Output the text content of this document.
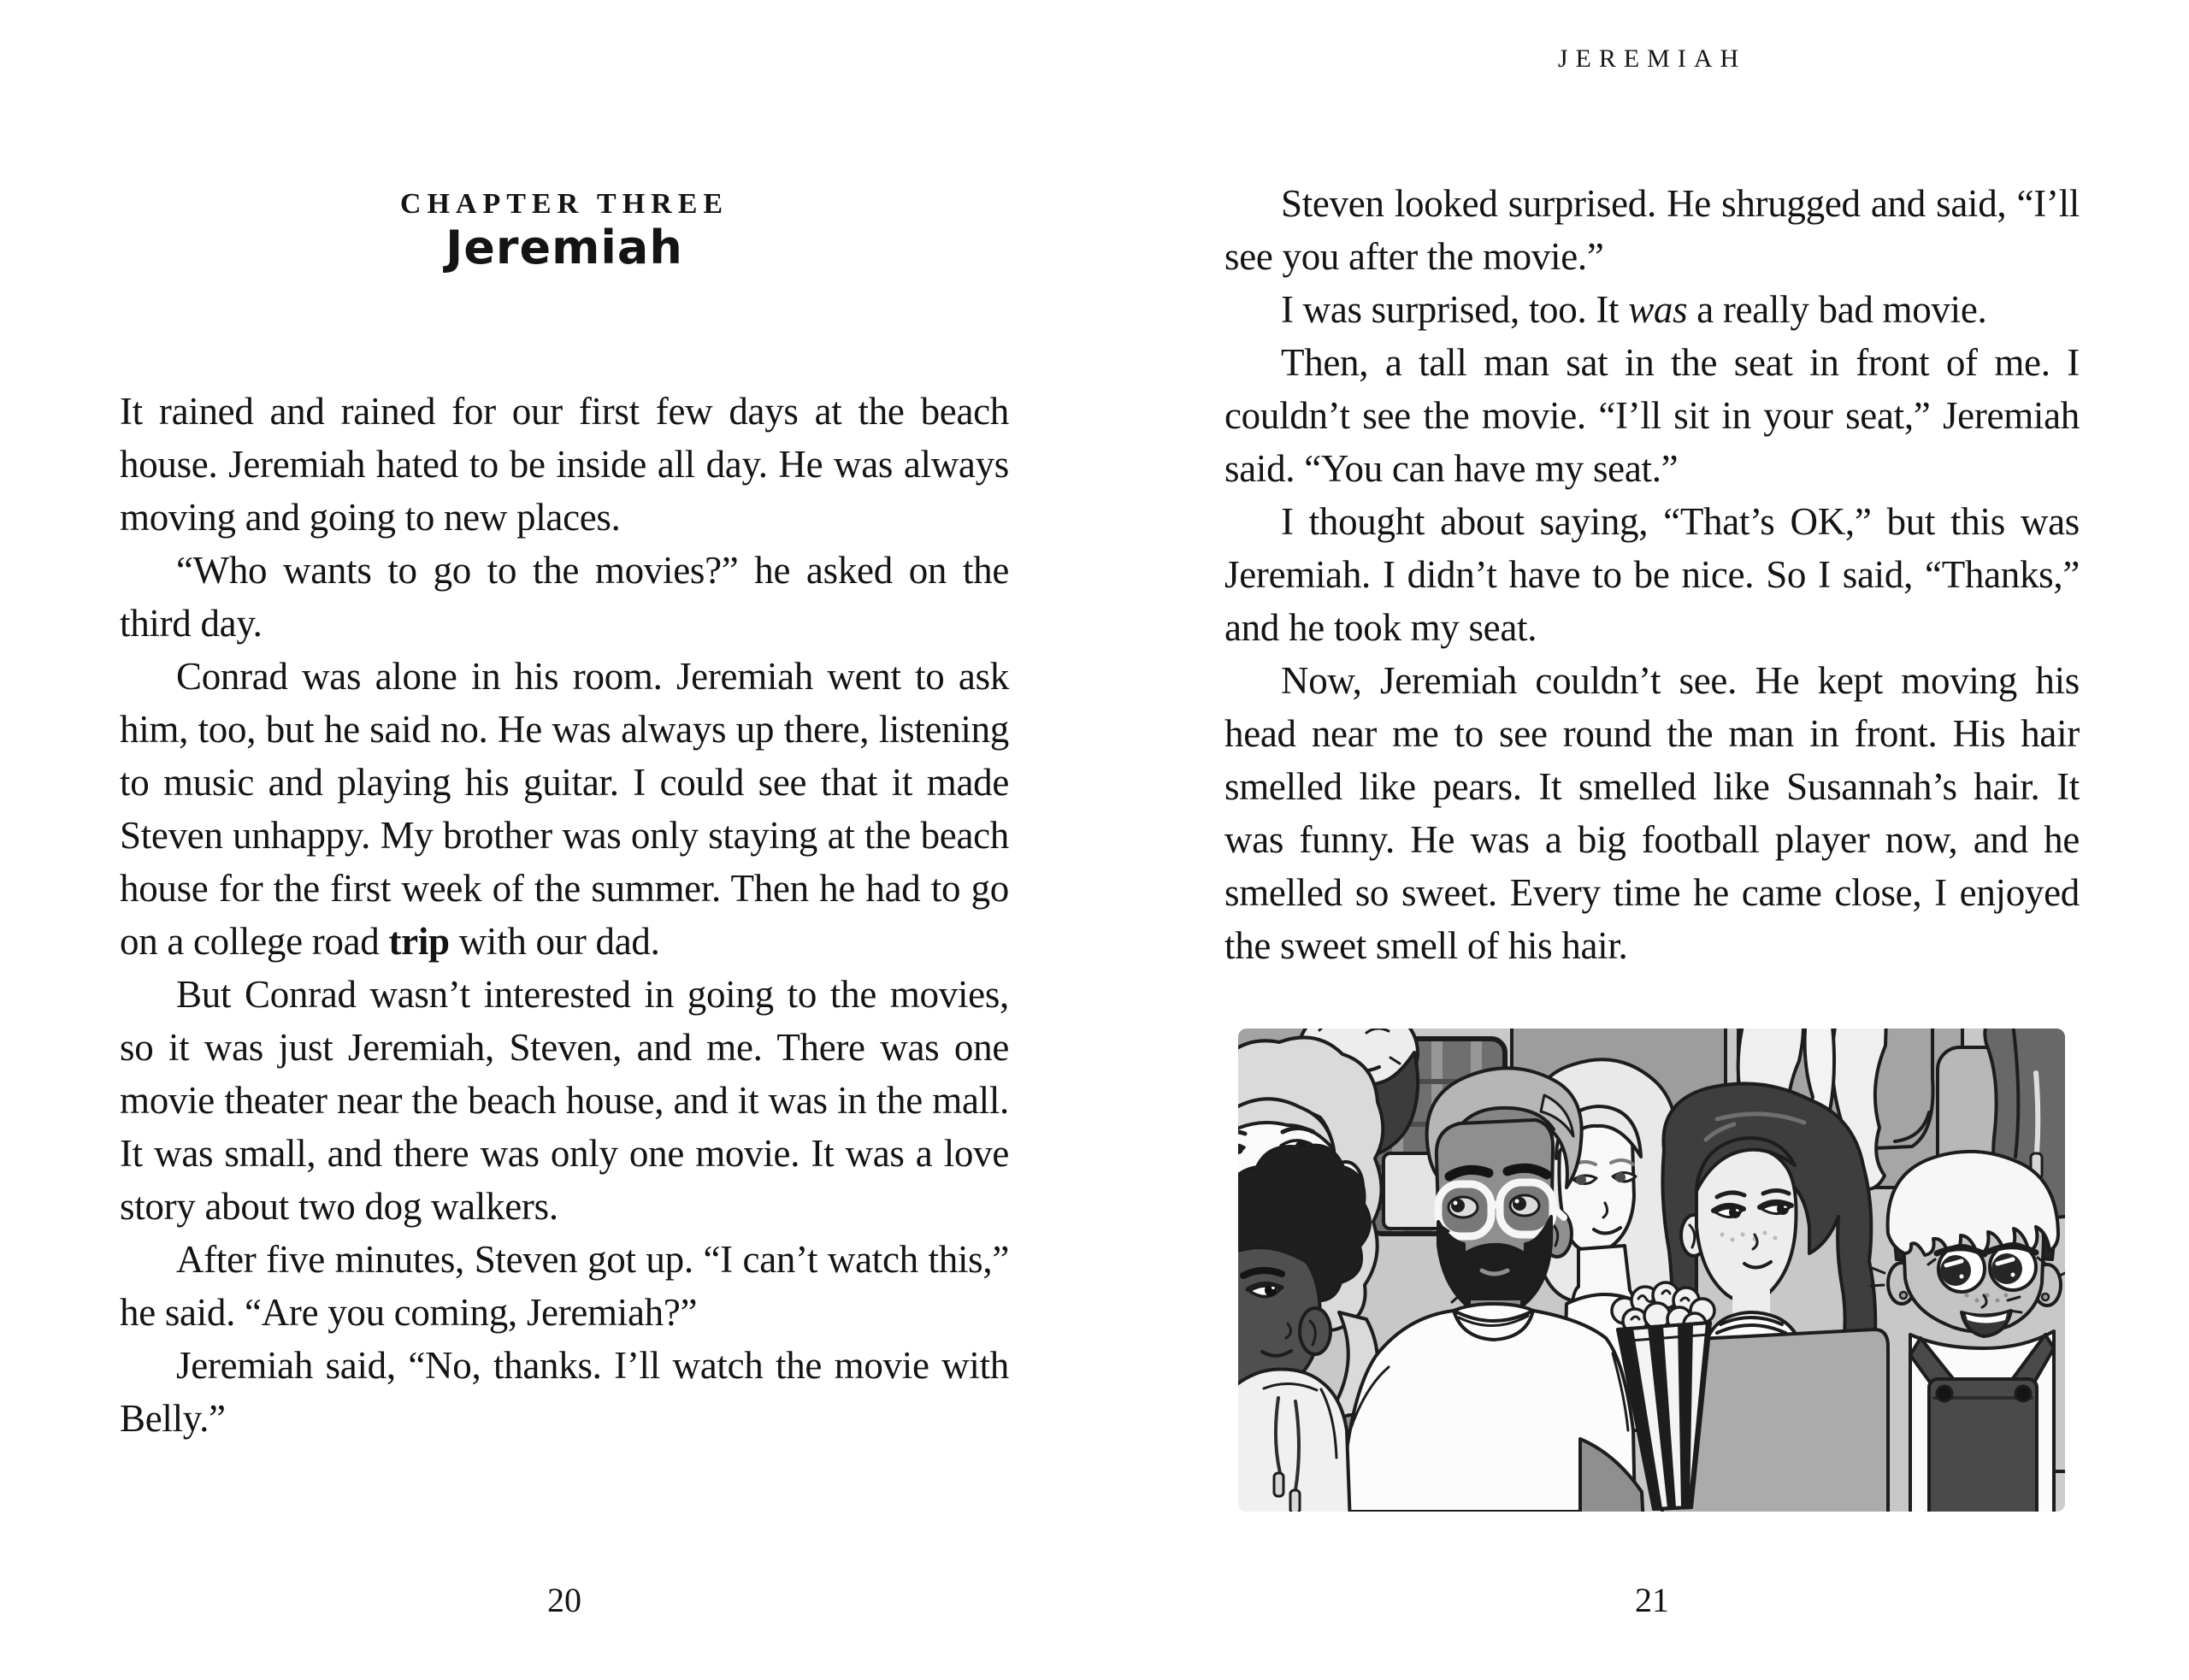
CHAPTER THREE
Jeremiah

It rained and rained for our first few days at the beach house. Jeremiah hated to be inside all day. He was always moving and going to new places.

“Who wants to go to the movies?” he asked on the third day.

Conrad was alone in his room. Jeremiah went to ask him, too, but he said no. He was always up there, listening to music and playing his guitar. I could see that it made Steven unhappy. My brother was only staying at the beach house for the first week of the summer. Then he had to go on a college road trip with our dad.

But Conrad wasn’t interested in going to the movies, so it was just Jeremiah, Steven, and me. There was one movie theater near the beach house, and it was in the mall. It was small, and there was only one movie. It was a love story about two dog walkers.

After five minutes, Steven got up. “I can’t watch this,” he said. “Are you coming, Jeremiah?”

Jeremiah said, “No, thanks. I’ll watch the movie with Belly.”

20
JEREMIAH

Steven looked surprised. He shrugged and said, “I’ll see you after the movie.”

I was surprised, too. It was a really bad movie.

Then, a tall man sat in the seat in front of me. I couldn’t see the movie. “I’ll sit in your seat,” Jeremiah said. “You can have my seat.”

I thought about saying, “That’s OK,” but this was Jeremiah. I didn’t have to be nice. So I said, “Thanks,” and he took my seat.

Now, Jeremiah couldn’t see. He kept moving his head near me to see round the man in front. His hair smelled like pears. It smelled like Susannah’s hair. It was funny. He was a big football player now, and he smelled so sweet. Every time he came close, I enjoyed the sweet smell of his hair.

21
